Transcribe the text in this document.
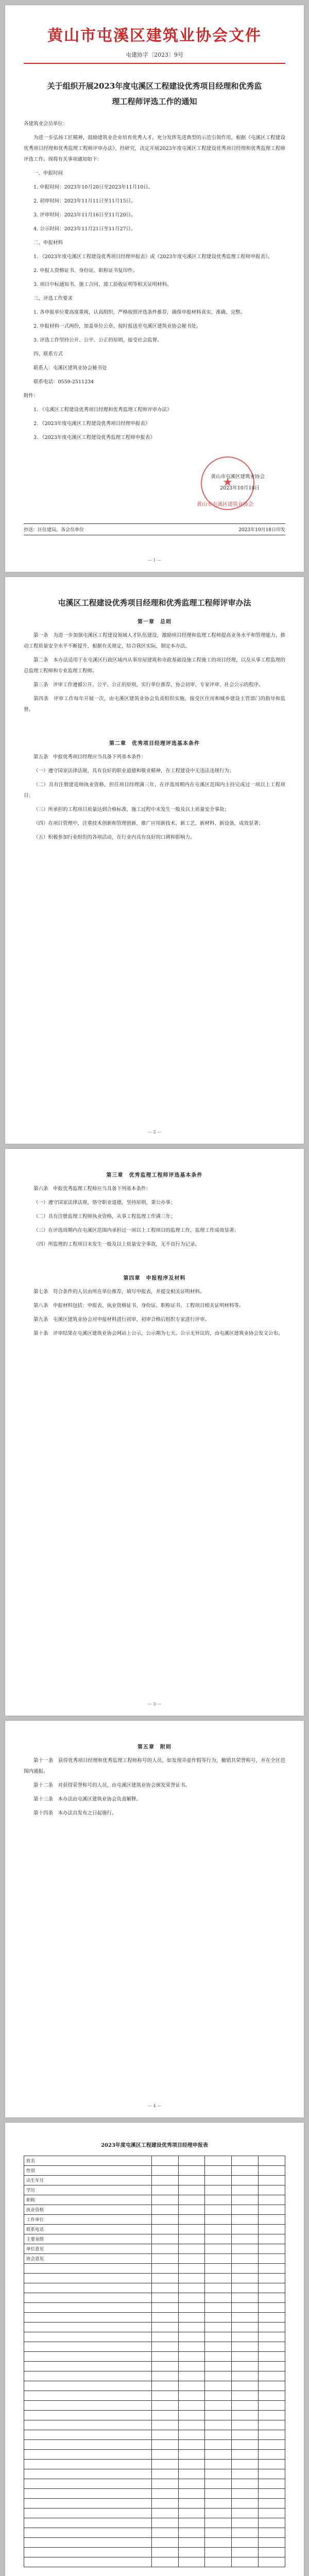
黄山市屯溪区建筑业协会文件
屯建协字〔2023〕9号
关于组织开展2023年度屯溪区工程建设优秀项目经理和优秀监理工程师评选工作的通知

各建筑业会员单位：

为进一步弘扬工匠精神，鼓励建筑业企业培育优秀人才，充分发挥先进典型的示范引领作用，根据《屯溪区工程建设优秀项目经理和优秀监理工程师评审办法》，经研究，决定开展2023年度屯溪区工程建设优秀项目经理和优秀监理工程师评选工作。现将有关事项通知如下：

一、申报时间

1. 申报时间：2023年10月20日至2023年11月10日。

2. 初审时间：2023年11月11日至11月15日。

3. 评审时间：2023年11月16日至11月20日。

4. 公示时间：2023年11月21日至11月27日。

二、申报材料

1. 《2023年度屯溪区工程建设优秀项目经理申报表》或《2023年度屯溪区工程建设优秀监理工程师申报表》。

2. 申报人资格证书、身份证、职称证书复印件。

3. 项目中标通知书、施工合同、竣工验收证明等相关证明材料。

三、评选工作要求

1. 各申报单位要高度重视，认真组织，严格按照评选条件推荐，确保申报材料真实、准确、完整。

2. 申报材料一式两份，加盖单位公章，按时报送至屯溪区建筑业协会秘书处。

3. 评选工作坚持公开、公平、公正的原则，接受社会监督。

四、联系方式

联系人：屯溪区建筑业协会秘书处

联系电话：0559-2511234

附件：

1. 《屯溪区工程建设优秀项目经理和优秀监理工程师评审办法》

2. 《2023年度屯溪区工程建设优秀项目经理申报表》

3. 《2023年度屯溪区工程建设优秀监理工程师申报表》

★
黄山市屯溪区建筑业协会

黄山市屯溪区建筑业协会

2023年10月18日

抄送：区住建局，各会员单位	2023年10月18日印发
— 1 —
屯溪区工程建设优秀项目经理和优秀监理工程师评审办法
第一章　总则

第一条　为进一步加强屯溪区工程建设领域人才队伍建设，激励项目经理和监理工程师提高业务水平和管理能力，推动工程质量安全水平不断提升，根据有关规定，结合我区实际，制定本办法。

第二条　本办法适用于在屯溪区行政区域内从事房屋建筑和市政基础设施工程施工的项目经理，以及从事工程监理的总监理工程师和专业监理工程师。

第三条　评审工作遵循公开、公平、公正的原则，实行单位推荐、协会初审、专家评审、社会公示的程序。

第四条　评审工作每年开展一次，由屯溪区建筑业协会负责组织实施，接受区住房和城乡建设主管部门的指导和监督。

第二章　优秀项目经理评选基本条件

第五条　申报优秀项目经理应当具备下列基本条件：

（一）遵守国家法律法规，具有良好的职业道德和敬业精神，在工程建设中无违法违规行为；

（二）具有注册建造师执业资格，担任项目经理满三年，在评选周期内在屯溪区范围内主持完成过一项以上工程项目；

（三）所承担的工程项目质量达到合格标准，施工过程中未发生一般及以上质量安全事故；

（四）在项目管理中，注重技术创新和管理创新，推广应用新技术、新工艺、新材料、新设备，成效显著；

（五）积极参加行业组织的各项活动，在行业内具有良好的口碑和影响力。

— 2 —
第三章　优秀监理工程师评选基本条件

第六条　申报优秀监理工程师应当具备下列基本条件：

（一）遵守国家法律法规，恪守职业道德，坚持原则，秉公办事；

（二）具有注册监理工程师执业资格，从事工程监理工作满三年；

（三）在评选周期内在屯溪区范围内承担过一项以上工程项目的监理工作，监理工作成效显著；

（四）所监理的工程项目未发生一般及以上质量安全事故，无不良行为记录。

第四章　申报程序及材料

第七条　符合条件的人员由所在单位推荐，填写申报表，并提交相关证明材料。

第八条　申报材料包括：申报表、执业资格证书、身份证、职称证书、工程项目相关证明材料等。

第九条　屯溪区建筑业协会对申报材料进行初审，初审合格后组织专家进行评审。

第十条　评审结果在屯溪区建筑业协会网站上公示，公示期为七天。公示无异议的，由屯溪区建筑业协会发文公布。

— 3 —
第五章　附则

第十一条　获得优秀项目经理和优秀监理工程师称号的人员，如发现弄虚作假等行为，撤销其荣誉称号，并在全区范围内通报。

第十二条　对获得荣誉称号的人员，由屯溪区建筑业协会颁发荣誉证书。

第十三条　本办法由屯溪区建筑业协会负责解释。

第十四条　本办法自发布之日起施行。

— 4 —
2023年度屯溪区工程建设优秀项目经理申报表
姓名					
性别					
出生年月					
学历					
职称					
执业资格					
工作单位					
联系电话					
主要业绩					
单位意见					
协会意见					
